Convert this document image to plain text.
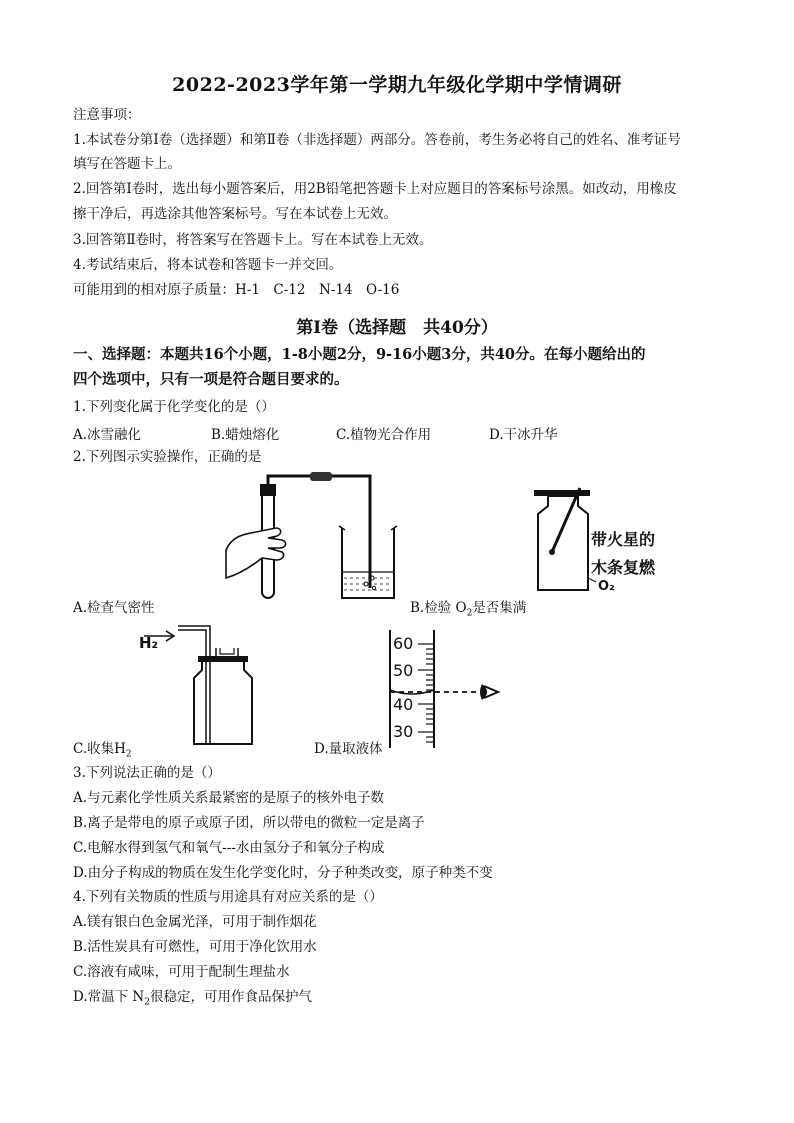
2022-2023学年第一学期九年级化学期中学情调研
注意事项：
1.本试卷分第Ⅰ卷（选择题）和第Ⅱ卷（非选择题）两部分。答卷前，考生务必将自己的姓名、准考证号
填写在答题卡上。
2.回答第Ⅰ卷时，选出每小题答案后，用2B铅笔把答题卡上对应题目的答案标号涂黑。如改动，用橡皮
擦干净后，再选涂其他答案标号。写在本试卷上无效。
3.回答第Ⅱ卷时，将答案写在答题卡上。写在本试卷上无效。
4.考试结束后，将本试卷和答题卡一并交回。
可能用到的相对原子质量：H-1　C-12　N-14　O-16
第Ⅰ卷（选择题　共40分）
一、选择题：本题共16个小题，1-8小题2分，9-16小题3分，共40分。在每小题给出的
四个选项中，只有一项是符合题目要求的。
1.下列变化属于化学变化的是（）
A.冰雪融化	B.蜡烛熔化	C.植物光合作用	D.干冰升华
2.下列图示实验操作，正确的是
A.检查气密性
带火星的
木条复燃
O₂
B.检验 $O_2$是否集满
H₂
C.收集$H_2$
60
50
40
30
D.量取液体
3.下列说法正确的是（）
A.与元素化学性质关系最紧密的是原子的核外电子数
B.离子是带电的原子或原子团，所以带电的微粒一定是离子
C.电解水得到氢气和氧气---水由氢分子和氧分子构成
D.由分子构成的物质在发生化学变化时，分子种类改变，原子种类不变
4.下列有关物质的性质与用途具有对应关系的是（）
A.镁有银白色金属光泽，可用于制作烟花
B.活性炭具有可燃性，可用于净化饮用水
C.溶液有咸味，可用于配制生理盐水
D.常温下 $N_2$很稳定，可用作食品保护气
